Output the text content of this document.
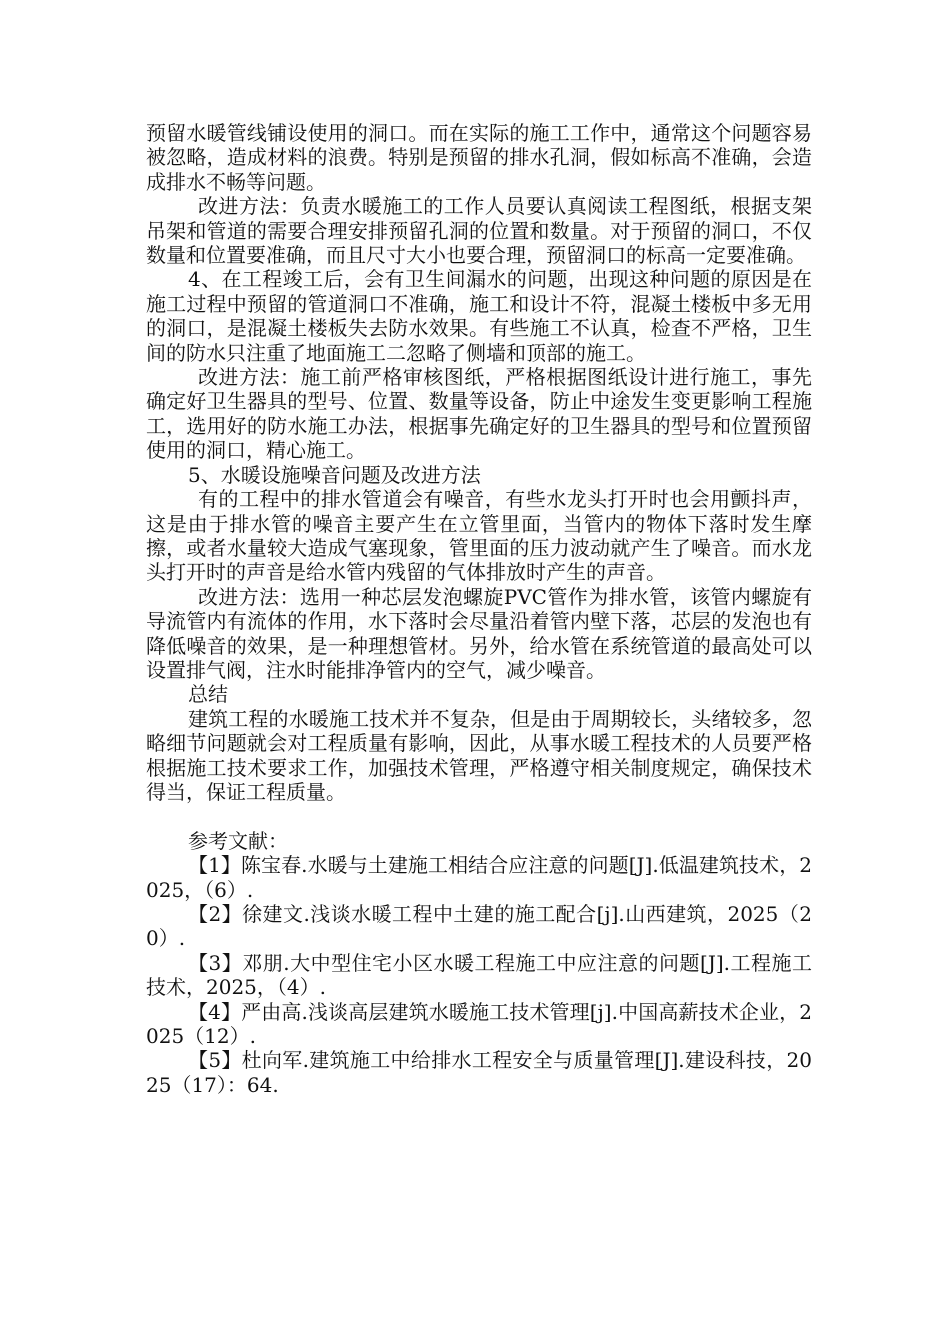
预留水暖管线铺设使用的洞口。而在实际的施工工作中，通常这个问题容易被忽略，造成材料的浪费。特别是预留的排水孔洞，假如标高不准确，会造成排水不畅等问题。

改进方法：负责水暖施工的工作人员要认真阅读工程图纸，根据支架吊架和管道的需要合理安排预留孔洞的位置和数量。对于预留的洞口，不仅数量和位置要准确，而且尺寸大小也要合理，预留洞口的标高一定要准确。

4、在工程竣工后，会有卫生间漏水的问题，出现这种问题的原因是在施工过程中预留的管道洞口不准确，施工和设计不符，混凝土楼板中多无用的洞口，是混凝土楼板失去防水效果。有些施工不认真，检查不严格，卫生间的防水只注重了地面施工二忽略了侧墙和顶部的施工。

改进方法：施工前严格审核图纸，严格根据图纸设计进行施工，事先确定好卫生器具的型号、位置、数量等设备，防止中途发生变更影响工程施工，选用好的防水施工办法，根据事先确定好的卫生器具的型号和位置预留使用的洞口，精心施工。

5、水暖设施噪音问题及改进方法

有的工程中的排水管道会有噪音，有些水龙头打开时也会用颤抖声，这是由于排水管的噪音主要产生在立管里面，当管内的物体下落时发生摩擦，或者水量较大造成气塞现象，管里面的压力波动就产生了噪音。而水龙头打开时的声音是给水管内残留的气体排放时产生的声音。

改进方法：选用一种芯层发泡螺旋PVC管作为排水管，该管内螺旋有导流管内有流体的作用，水下落时会尽量沿着管内壁下落，芯层的发泡也有降低噪音的效果，是一种理想管材。另外，给水管在系统管道的最高处可以设置排气阀，注水时能排净管内的空气，减少噪音。

总结

建筑工程的水暖施工技术并不复杂，但是由于周期较长，头绪较多，忽略细节问题就会对工程质量有影响，因此，从事水暖工程技术的人员要严格根据施工技术要求工作，加强技术管理，严格遵守相关制度规定，确保技术得当，保证工程质量。

参考文献：

【1】陈宝春.水暖与土建施工相结合应注意的问题[J].低温建筑技术，2025，（6）.

【2】徐建文.浅谈水暖工程中土建的施工配合[j].山西建筑，2025（20）.

【3】邓朋.大中型住宅小区水暖工程施工中应注意的问题[J].工程施工技术，2025，（4）.

【4】严由高.浅谈高层建筑水暖施工技术管理[j].中国高薪技术企业，2025（12）.

【5】杜向军.建筑施工中给排水工程安全与质量管理[J].建设科技，2025（17）：64.
